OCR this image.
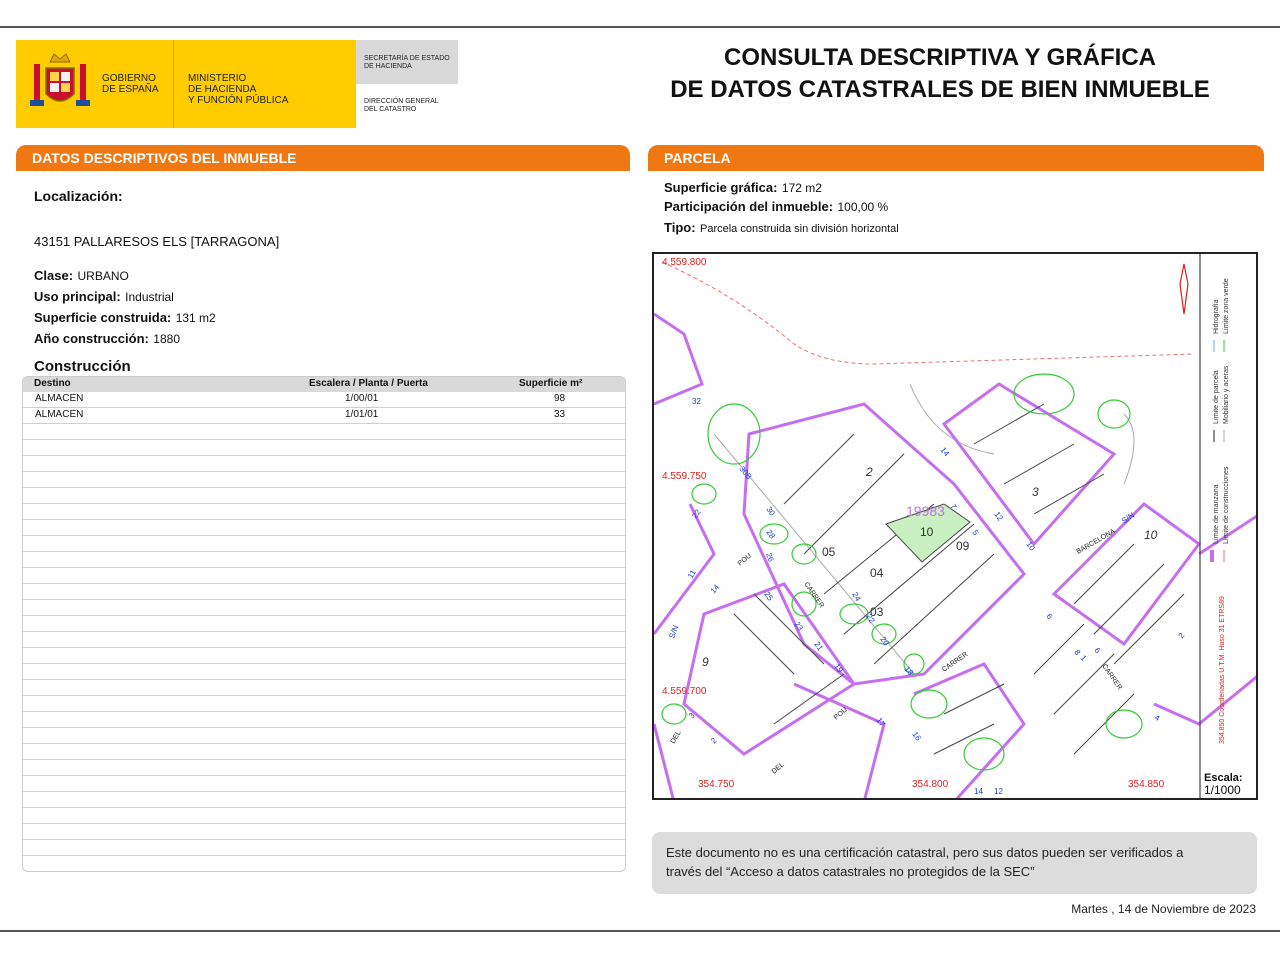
GOBIERNO
DE ESPAÑA
MINISTERIO
DE HACIENDA
Y FUNCIÓN PÚBLICA
SECRETARÍA DE ESTADO
DE HACIENDA
DIRECCIÓN GENERAL
DEL CATASTRO
CONSULTA DESCRIPTIVA Y GRÁFICA
DE DATOS CATASTRALES DE BIEN INMUEBLE
DATOS DESCRIPTIVOS DEL INMUEBLE
Localización:
43151 PALLARESOS ELS [TARRAGONA]
Clase: URBANO
Uso principal: Industrial
Superficie construida: 131 m2
Año construcción: 1880
Construcción
Destino	Escalera / Planta / Puerta	Superficie m²
ALMACEN	1/00/01	98
ALMACEN	1/01/01	33
PARCELA
Superficie gráfica: 172 m2
Participación del inmueble: 100,00 %
Tipo: Parcela construida sin división horizontal
4.559.800
4.559.750
4.559.700
354.750	354.800	354.850
2
3
9
10
04
05
03
09
10
19983
POU
CARRER
BARCELONA
CARRER
CARRER
POU
DEL
DEL
S/N
S/N
32
30B
30
28
26
22
24
22
20
18
25
23
21
19
14
11
14
12
10
7
5
6
8 6
4
2
1
17
16
3
2
14 12
Límite de manzana Límite de construcciones
Límite de parcela Mobiliario y aceras
Hidrografía Límite zona verde
354.850 Coordenadas U.T.M. Huso 31 ETRS89
Escala:
1/1000
Este documento no es una certificación catastral, pero sus datos pueden ser verificados a
través del “Acceso a datos catastrales no protegidos de la SEC”
Martes , 14 de Noviembre de 2023
